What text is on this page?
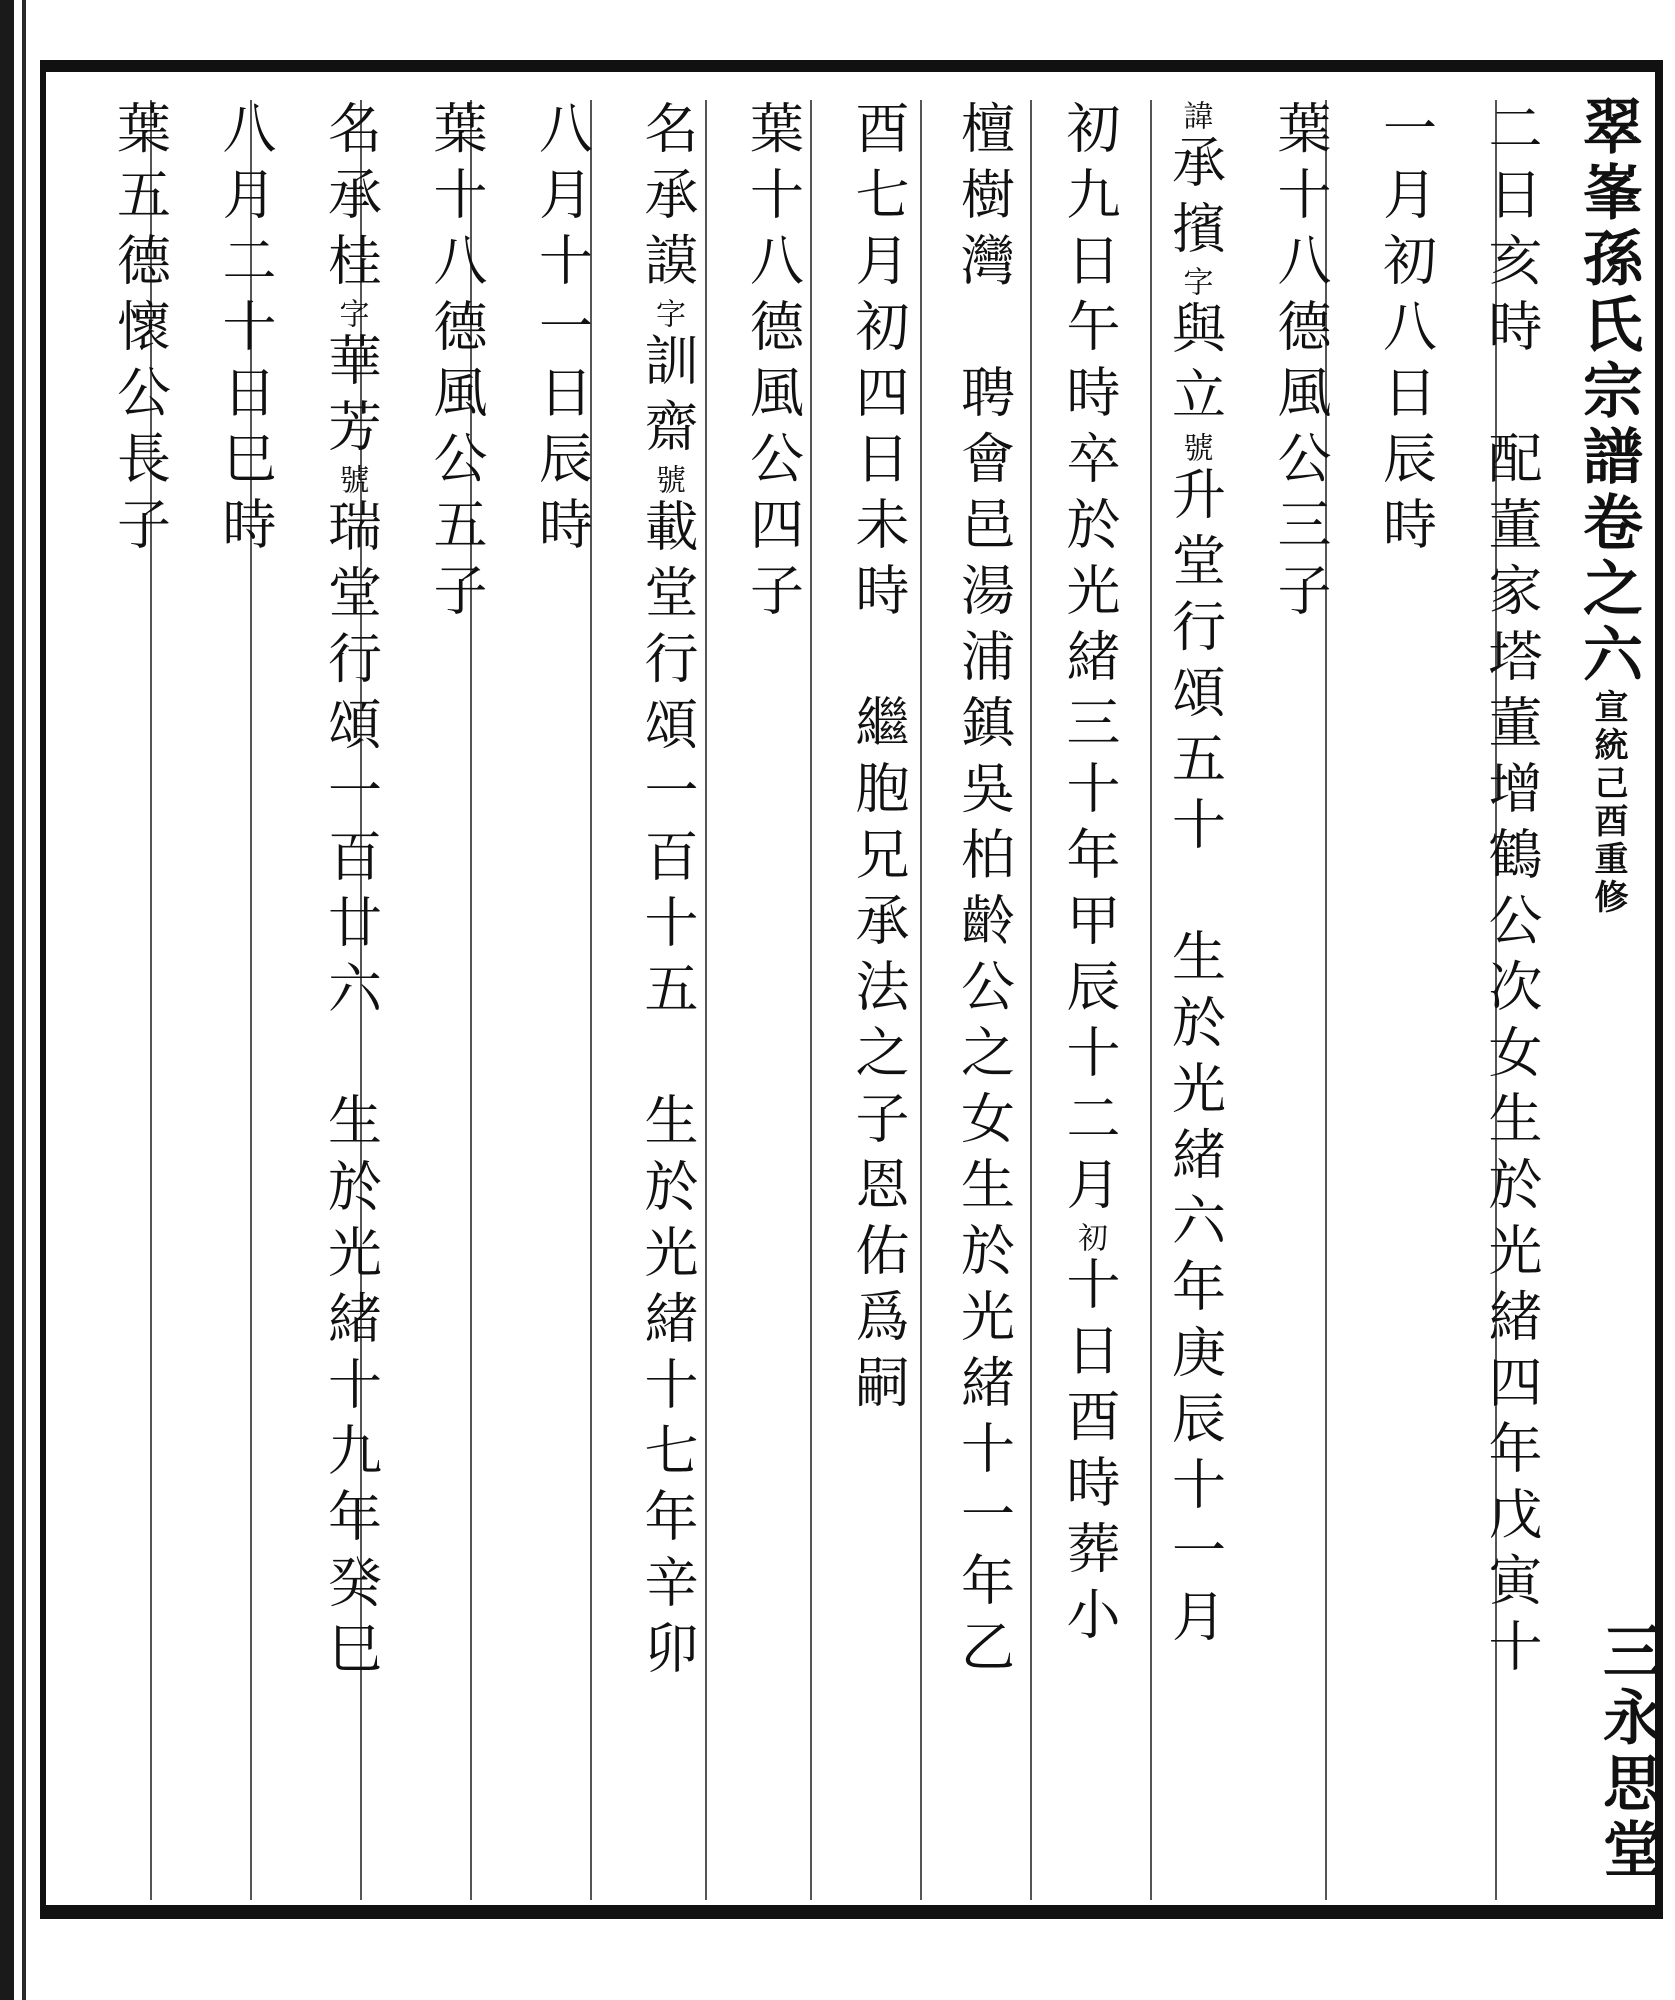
翠峯孫氏宗譜卷之六宣統己酉重修
三永思堂
二日亥時　配董家塔董增鶴公次女生於光緒四年戊寅十
一月初八日辰時
葉十八德風公三子
諱承擯字與立號升堂行頌五十　生於光緒六年庚辰十一月
初九日午時卒於光緒三十年甲辰十二月初十日酉時葬小
檀樹灣　聘會邑湯浦鎮吳柏齡公之女生於光緒十一年乙
酉七月初四日未時　繼胞兄承法之子恩佑爲嗣
葉十八德風公四子
名承謨字訓齋號載堂行頌一百十五　生於光緒十七年辛卯
八月十一日辰時
葉十八德風公五子
名承桂字華芳號瑞堂行頌一百廿六　生於光緒十九年癸巳
八月二十日巳時
葉五德懷公長子
